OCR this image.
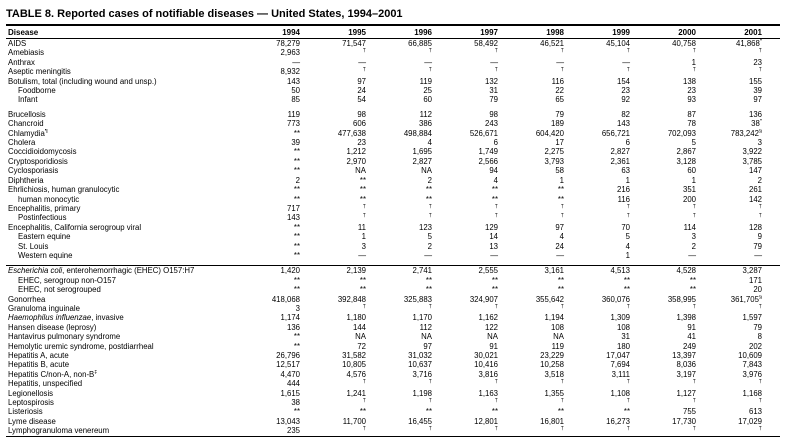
TABLE 8. Reported cases of notifiable diseases — United States, 1994–2001
Disease	1994	1995	1996	1997	1998	1999	2000	2001
AIDS	78,279	71,547	66,885	58,492	46,521	45,104	40,758	41,868*
Amebiasis	2,963	†	†	†	†	†	†	†
Anthrax	—	—	—	—	—	—	1	23
Aseptic meningitis	8,932	†	†	†	†	†	†	†
Botulism, total (including wound and unsp.)	143	97	119	132	116	154	138	155
Foodborne	50	24	25	31	22	23	23	39
Infant	85	54	60	79	65	92	93	97

Brucellosis	119	98	112	98	79	82	87	136
Chancroid	773	606	386	243	189	143	78	38*
Chlamydia¶	**	477,638	498,884	526,671	604,420	656,721	702,093	783,242§
Cholera	39	23	4	6	17	6	5	3
Coccidioidomycosis	**	1,212	1,695	1,749	2,275	2,827	2,867	3,922
Cryptosporidiosis	**	2,970	2,827	2,566	3,793	2,361	3,128	3,785
Cyclosporiasis	**	NA	NA	94	58	63	60	147
Diphtheria	2	**	2	4	1	1	1	2
Ehrlichiosis, human granulocytic	**	**	**	**	**	216	351	261
human monocytic	**	**	**	**	**	116	200	142
Encephalitis, primary	717	†	†	†	†	†	†	†
Postinfectious	143	†	†	†	†	†	†	†
Encephalitis, California serogroup viral	**	11	123	129	97	70	114	128
Eastern equine	**	1	5	14	4	5	3	9
St. Louis	**	3	2	13	24	4	2	79
Western equine	**	—	—	—	—	1	—	—

Escherichia coli, enterohemorrhagic (EHEC) O157:H7	1,420	2,139	2,741	2,555	3,161	4,513	4,528	3,287
EHEC, serogroup non-O157	**	**	**	**	**	**	**	171
EHEC, not serogrouped	**	**	**	**	**	**	**	20
Gonorrhea	418,068	392,848	325,883	324,907	355,642	360,076	358,995	361,705§
Granuloma inguinale	3	†	†	†	†	†	†	†
Haemophilus influenzae, invasive	1,174	1,180	1,170	1,162	1,194	1,309	1,398	1,597
Hansen disease (leprosy)	136	144	112	122	108	108	91	79
Hantavirus pulmonary syndrome	**	NA	NA	NA	NA	31	41	8
Hemolytic uremic syndrome, postdiarrheal	**	72	97	91	119	180	249	202
Hepatitis A, acute	26,796	31,582	31,032	30,021	23,229	17,047	13,397	10,609
Hepatitis B, acute	12,517	10,805	10,637	10,416	10,258	7,694	8,036	7,843
Hepatitis C/non-A, non-B‡	4,470	4,576	3,716	3,816	3,518	3,111	3,197	3,976
Hepatitis, unspecified	444	†	†	†	†	†	†	†
Legionellosis	1,615	1,241	1,198	1,163	1,355	1,108	1,127	1,168
Leptospirosis	38	†	†	†	†	†	†	†
Listeriosis	**	**	**	**	**	**	755	613
Lyme disease	13,043	11,700	16,455	12,801	16,801	16,273	17,730	17,029
Lymphogranuloma venereum	235	†	†	†	†	†	†	†
